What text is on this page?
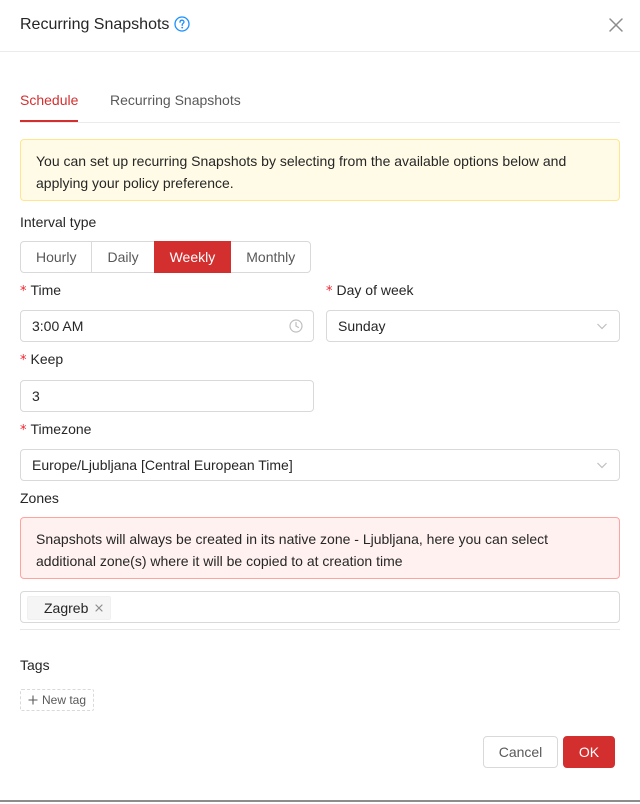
Recurring Snapshots
Schedule Recurring Snapshots
You can set up recurring Snapshots by selecting from the available options below and applying your policy preference.
Interval type
Hourly	Daily	Weekly	Monthly
* Time
3:00 AM
* Day of week
Sunday
* Keep
3
* Timezone
Europe/Ljubljana [Central European Time]
Zones
Snapshots will always be created in its native zone - Ljubljana, here you can select additional zone(s) where it will be copied to at creation time
Zagreb
Tags
New tag
Cancel	OK
